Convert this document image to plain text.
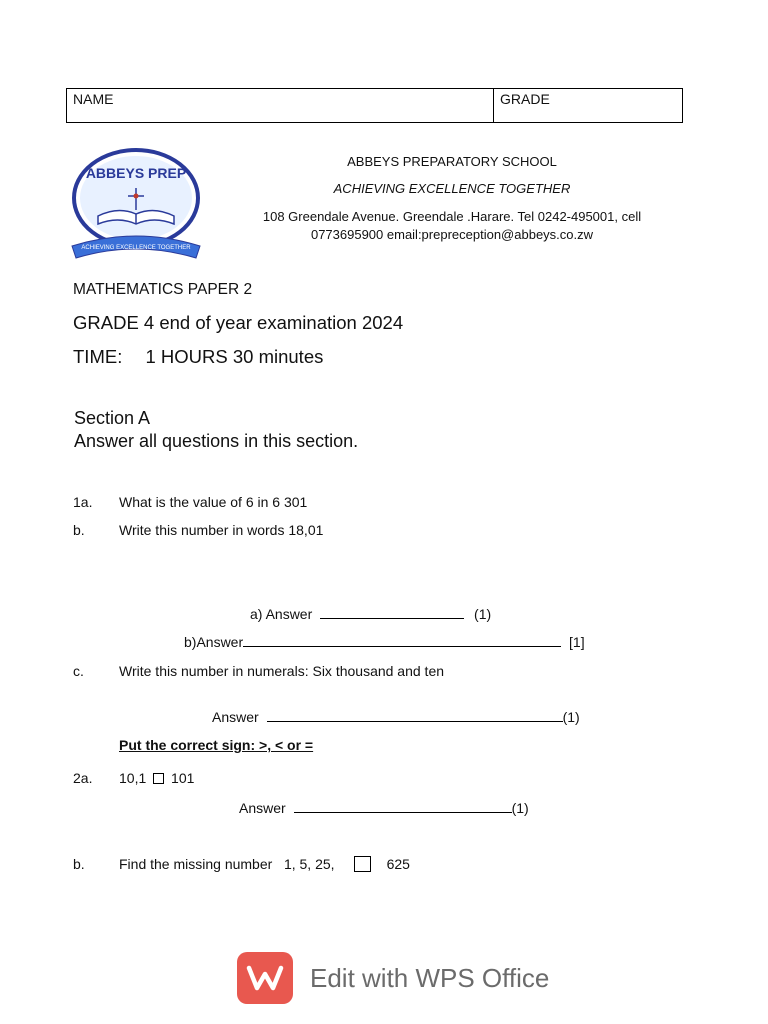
NAME	GRADE
ABBEYS PREP
ACHIEVING EXCELLENCE TOGETHER
ABBEYS PREPARATORY SCHOOL
ACHIEVING EXCELLENCE TOGETHER
108 Greendale Avenue. Greendale .Harare. Tel 0242-495001, cell
0773695900 email:prepreception@abbeys.co.zw
MATHEMATICS PAPER 2
GRADE 4 end of year examination 2024
TIME: 1 HOURS 30 minutes
Section A
Answer all questions in this section.
1a. What is the value of 6 in 6 301
b. Write this number in words 18,01
a) Answer	(1)
b)Answer	[1]
c.	Write this number in numerals: Six thousand and ten
Answer	(1)
Put the correct sign: >, < or =
2a. 10,1 101
Answer	(1)
b. Find the missing number   1, 5, 25,	625
Edit with WPS Office
